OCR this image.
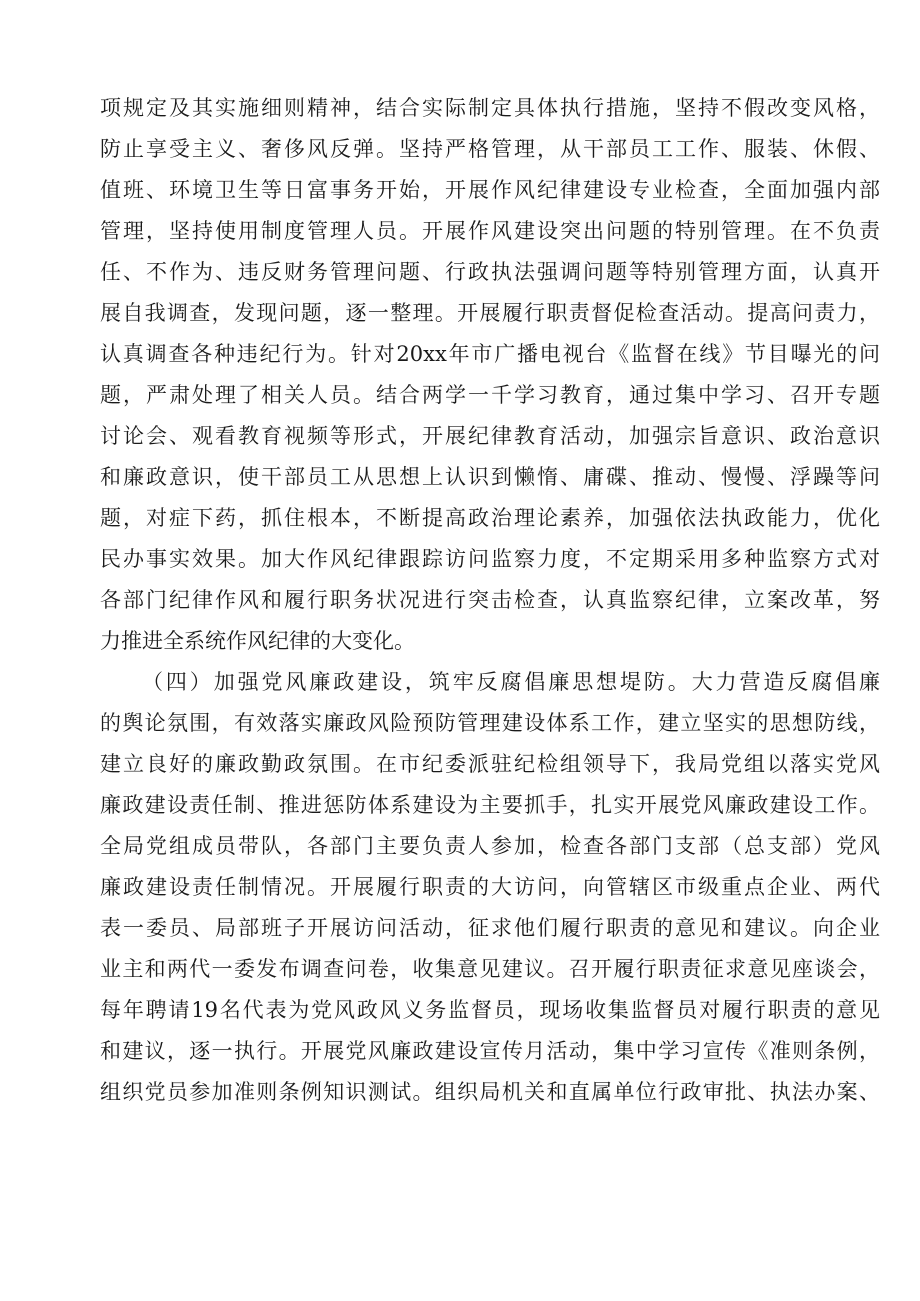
项规定及其实施细则精神，结合实际制定具体执行措施，坚持不假改变风格，
防止享受主义、奢侈风反弹。坚持严格管理，从干部员工工作、服装、休假、
值班、环境卫生等日富事务开始，开展作风纪律建设专业检查，全面加强内部
管理，坚持使用制度管理人员。开展作风建设突出问题的特别管理。在不负责
任、不作为、违反财务管理问题、行政执法强调问题等特别管理方面，认真开
展自我调查，发现问题，逐一整理。开展履行职责督促检查活动。提高问责力，
认真调查各种违纪行为。针对20xx年市广播电视台《监督在线》节目曝光的问
题，严肃处理了相关人员。结合两学一千学习教育，通过集中学习、召开专题
讨论会、观看教育视频等形式，开展纪律教育活动，加强宗旨意识、政治意识
和廉政意识，使干部员工从思想上认识到懒惰、庸碟、推动、慢慢、浮躁等问
题，对症下药，抓住根本，不断提高政治理论素养，加强依法执政能力，优化
民办事实效果。加大作风纪律跟踪访问监察力度，不定期采用多种监察方式对
各部门纪律作风和履行职务状况进行突击检查，认真监察纪律，立案改革，努
力推进全系统作风纪律的大变化。
（四）加强党风廉政建设，筑牢反腐倡廉思想堤防。大力营造反腐倡廉
的舆论氛围，有效落实廉政风险预防管理建设体系工作，建立坚实的思想防线，
建立良好的廉政勤政氛围。在市纪委派驻纪检组领导下，我局党组以落实党风
廉政建设责任制、推进惩防体系建设为主要抓手，扎实开展党风廉政建设工作。
全局党组成员带队，各部门主要负责人参加，检查各部门支部（总支部）党风
廉政建设责任制情况。开展履行职责的大访问，向管辖区市级重点企业、两代
表一委员、局部班子开展访问活动，征求他们履行职责的意见和建议。向企业
业主和两代一委发布调查问卷，收集意见建议。召开履行职责征求意见座谈会，
每年聘请19名代表为党风政风义务监督员，现场收集监督员对履行职责的意见
和建议，逐一执行。开展党风廉政建设宣传月活动，集中学习宣传《准则条例，
组织党员参加准则条例知识测试。组织局机关和直属单位行政审批、执法办案、
